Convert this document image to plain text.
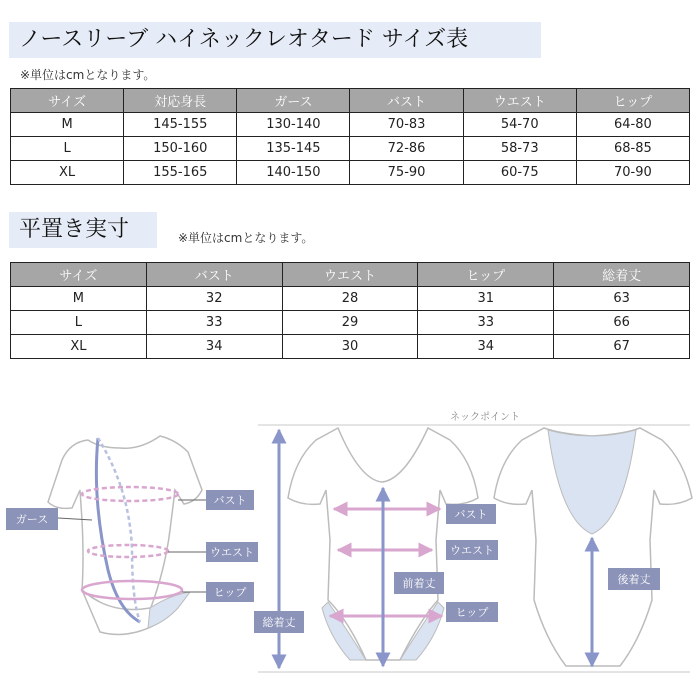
ノースリーブ ハイネックレオタード サイズ表
※単位はcmとなります。
サイズ	対応身長	ガース	バスト	ウエスト	ヒップ
M	145-155	130-140	70-83	54-70	64-80
L	150-160	135-145	72-86	58-73	68-85
XL	155-165	140-150	75-90	60-75	70-90
平置き実寸	※単位はcmとなります。
サイズ	バスト	ウエスト	ヒップ	総着丈
M	32	28	31	63
L	33	29	33	66
XL	34	30	34	67
ガース
バスト
ウエスト
ヒップ
ネックポイント
総着丈
前着丈
バスト
ウエスト
ヒップ
後着丈
